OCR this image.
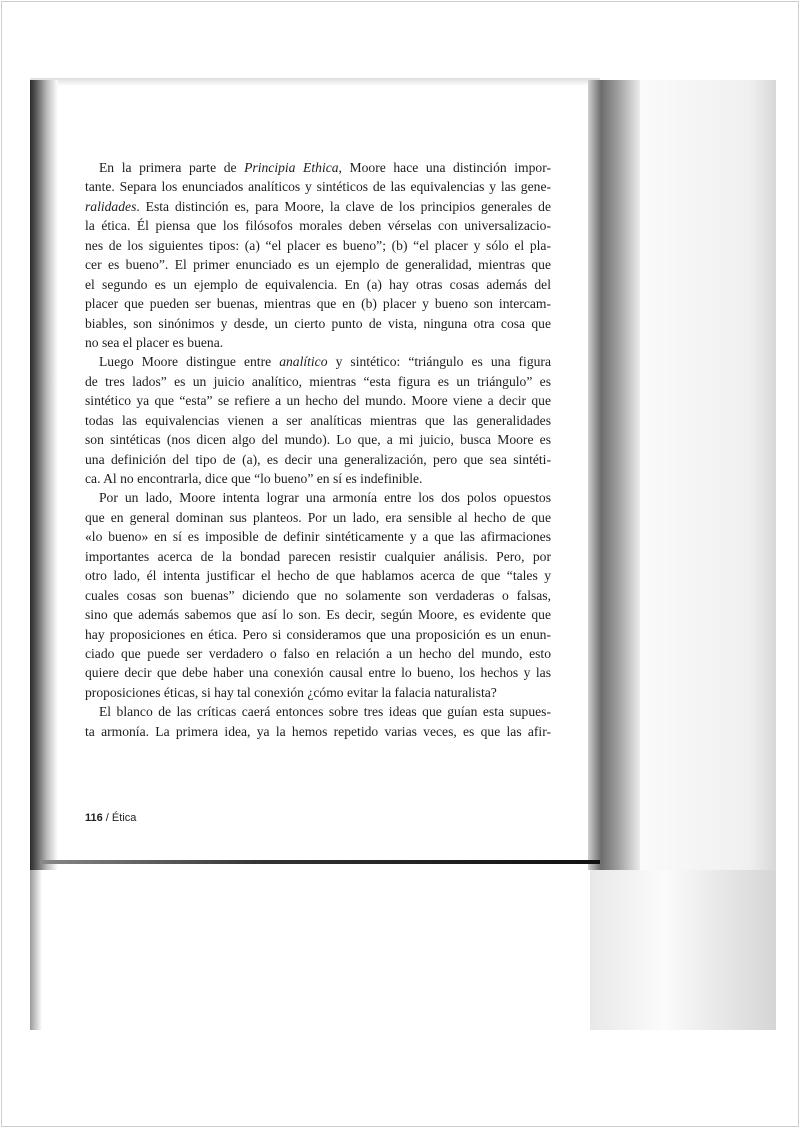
En la primera parte de Principia Ethica, Moore hace una distinción impor-
tante. Separa los enunciados analíticos y sintéticos de las equivalencias y las gene-
ralidades. Esta distinción es, para Moore, la clave de los principios generales de
la ética. Él piensa que los filósofos morales deben vérselas con universalizacio-
nes de los siguientes tipos: (a) “el placer es bueno”; (b) “el placer y sólo el pla-
cer es bueno”. El primer enunciado es un ejemplo de generalidad, mientras que
el segundo es un ejemplo de equivalencia. En (a) hay otras cosas además del
placer que pueden ser buenas, mientras que en (b) placer y bueno son intercam-
biables, son sinónimos y desde, un cierto punto de vista, ninguna otra cosa que
no sea el placer es buena.
Luego Moore distingue entre analítico y sintético: “triángulo es una figura
de tres lados” es un juicio analítico, mientras “esta figura es un triángulo” es
sintético ya que “esta” se refiere a un hecho del mundo. Moore viene a decir que
todas las equivalencias vienen a ser analíticas mientras que las generalidades
son sintéticas (nos dicen algo del mundo). Lo que, a mi juicio, busca Moore es
una definición del tipo de (a), es decir una generalización, pero que sea sintéti-
ca. Al no encontrarla, dice que “lo bueno” en sí es indefinible.
Por un lado, Moore intenta lograr una armonía entre los dos polos opuestos
que en general dominan sus planteos. Por un lado, era sensible al hecho de que
«lo bueno» en sí es imposible de definir sintéticamente y a que las afirmaciones
importantes acerca de la bondad parecen resistir cualquier análisis. Pero, por
otro lado, él intenta justificar el hecho de que hablamos acerca de que “tales y
cuales cosas son buenas” diciendo que no solamente son verdaderas o falsas,
sino que además sabemos que así lo son. Es decir, según Moore, es evidente que
hay proposiciones en ética. Pero si consideramos que una proposición es un enun-
ciado que puede ser verdadero o falso en relación a un hecho del mundo, esto
quiere decir que debe haber una conexión causal entre lo bueno, los hechos y las
proposiciones éticas, si hay tal conexión ¿cómo evitar la falacia naturalista?
El blanco de las críticas caerá entonces sobre tres ideas que guían esta supues-
ta armonía. La primera idea, ya la hemos repetido varias veces, es que las afir-
116 / Ética
